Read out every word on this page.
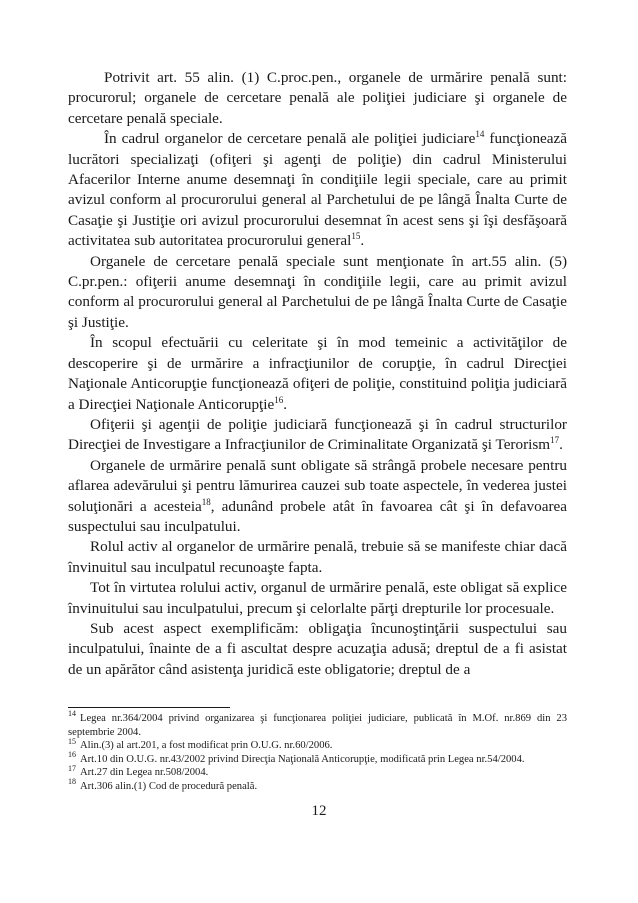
Potrivit art. 55 alin. (1) C.proc.pen., organele de urmărire penală sunt: procurorul; organele de cercetare penală ale poliţiei judiciare şi organele de cercetare penală speciale.

În cadrul organelor de cercetare penală ale poliţiei judiciare$^{14}$ funcţionează lucrători specializaţi (ofiţeri şi agenţi de poliţie) din cadrul Ministerului Afacerilor Interne anume desemnaţi în condiţiile legii speciale, care au primit avizul conform al procurorului general al Parchetului de pe lângă Înalta Curte de Casaţie şi Justiţie ori avizul procurorului desemnat în acest sens şi îşi desfăşoară activitatea sub autoritatea procurorului general$^{15}$.

Organele de cercetare penală speciale sunt menţionate în art.55 alin. (5) C.pr.pen.: ofiţerii anume desemnaţi în condiţiile legii, care au primit avizul conform al procurorului general al Parchetului de pe lângă Înalta Curte de Casaţie şi Justiţie.

În scopul efectuării cu celeritate şi în mod temeinic a activităţilor de descoperire şi de urmărire a infracţiunilor de corupţie, în cadrul Direcţiei Naţionale Anticorupţie funcţionează ofiţeri de poliţie, constituind poliţia judiciară a Direcţiei Naţionale Anticorupţie$^{16}$.

Ofiţerii şi agenţii de poliţie judiciară funcţionează şi în cadrul structurilor Direcţiei de Investigare a Infracţiunilor de Criminalitate Organizată şi Terorism$^{17}$.

Organele de urmărire penală sunt obligate să strângă probele necesare pentru aflarea adevărului şi pentru lămurirea cauzei sub toate aspectele, în vederea justei soluţionări a acesteia$^{18}$, adunând probele atât în favoarea cât şi în defavoarea suspectului sau inculpatului.

Rolul activ al organelor de urmărire penală, trebuie să se manifeste chiar dacă învinuitul sau inculpatul recunoaşte fapta.

Tot în virtutea rolului activ, organul de urmărire penală, este obligat să explice învinuitului sau inculpatului, precum şi celorlalte părţi drepturile lor procesuale.

Sub acest aspect exemplificăm: obligaţia încunoştinţării suspectului sau inculpatului, înainte de a fi ascultat despre acuzaţia adusă; dreptul de a fi asistat de un apărător când asistenţa juridică este obligatorie; dreptul de a

$^{14}$ Legea nr.364/2004 privind organizarea şi funcţionarea poliţiei judiciare, publicată în M.Of. nr.869 din 23 septembrie 2004.

$^{15}$ Alin.(3) al art.201, a fost modificat prin O.U.G. nr.60/2006.

$^{16}$ Art.10 din O.U.G. nr.43/2002 privind Direcţia Naţională Anticorupţie, modificată prin Legea nr.54/2004.

$^{17}$ Art.27 din Legea nr.508/2004.

$^{18}$ Art.306 alin.(1) Cod de procedură penală.

12
